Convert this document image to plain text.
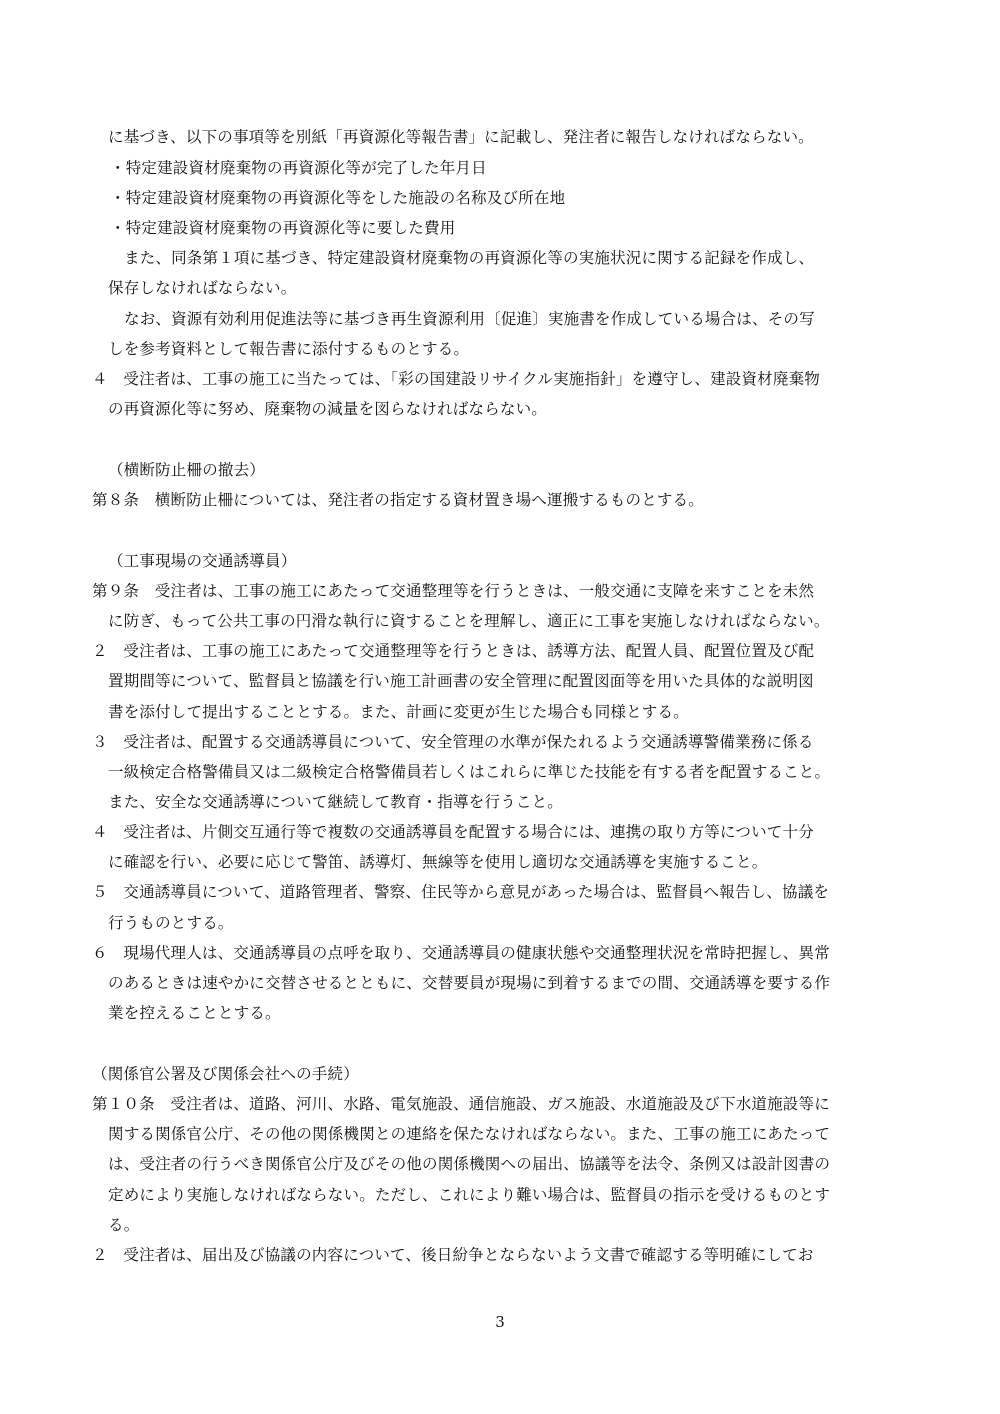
に基づき、以下の事項等を別紙「再資源化等報告書」に記載し、発注者に報告しなければならない。
・特定建設資材廃棄物の再資源化等が完了した年月日
・特定建設資材廃棄物の再資源化等をした施設の名称及び所在地
・特定建設資材廃棄物の再資源化等に要した費用
また、同条第１項に基づき、特定建設資材廃棄物の再資源化等の実施状況に関する記録を作成し、
保存しなければならない。
なお、資源有効利用促進法等に基づき再生資源利用〔促進〕実施書を作成している場合は、その写
しを参考資料として報告書に添付するものとする。
４　受注者は、工事の施工に当たっては、「彩の国建設リサイクル実施指針」を遵守し、建設資材廃棄物
の再資源化等に努め、廃棄物の減量を図らなければならない。
（横断防止柵の撤去）
第８条　横断防止柵については、発注者の指定する資材置き場へ運搬するものとする。
（工事現場の交通誘導員）
第９条　受注者は、工事の施工にあたって交通整理等を行うときは、一般交通に支障を来すことを未然
に防ぎ、もって公共工事の円滑な執行に資することを理解し、適正に工事を実施しなければならない。
２　受注者は、工事の施工にあたって交通整理等を行うときは、誘導方法、配置人員、配置位置及び配
置期間等について、監督員と協議を行い施工計画書の安全管理に配置図面等を用いた具体的な説明図
書を添付して提出することとする。また、計画に変更が生じた場合も同様とする。
３　受注者は、配置する交通誘導員について、安全管理の水準が保たれるよう交通誘導警備業務に係る
一級検定合格警備員又は二級検定合格警備員若しくはこれらに準じた技能を有する者を配置すること。
また、安全な交通誘導について継続して教育・指導を行うこと。
４　受注者は、片側交互通行等で複数の交通誘導員を配置する場合には、連携の取り方等について十分
に確認を行い、必要に応じて警笛、誘導灯、無線等を使用し適切な交通誘導を実施すること。
５　交通誘導員について、道路管理者、警察、住民等から意見があった場合は、監督員へ報告し、協議を
行うものとする。
６　現場代理人は、交通誘導員の点呼を取り、交通誘導員の健康状態や交通整理状況を常時把握し、異常
のあるときは速やかに交替させるとともに、交替要員が現場に到着するまでの間、交通誘導を要する作
業を控えることとする。
（関係官公署及び関係会社への手続）
第１０条　受注者は、道路、河川、水路、電気施設、通信施設、ガス施設、水道施設及び下水道施設等に
関する関係官公庁、その他の関係機関との連絡を保たなければならない。また、工事の施工にあたって
は、受注者の行うべき関係官公庁及びその他の関係機関への届出、協議等を法令、条例又は設計図書の
定めにより実施しなければならない。ただし、これにより難い場合は、監督員の指示を受けるものとす
る。
２　受注者は、届出及び協議の内容について、後日紛争とならないよう文書で確認する等明確にしてお
3
